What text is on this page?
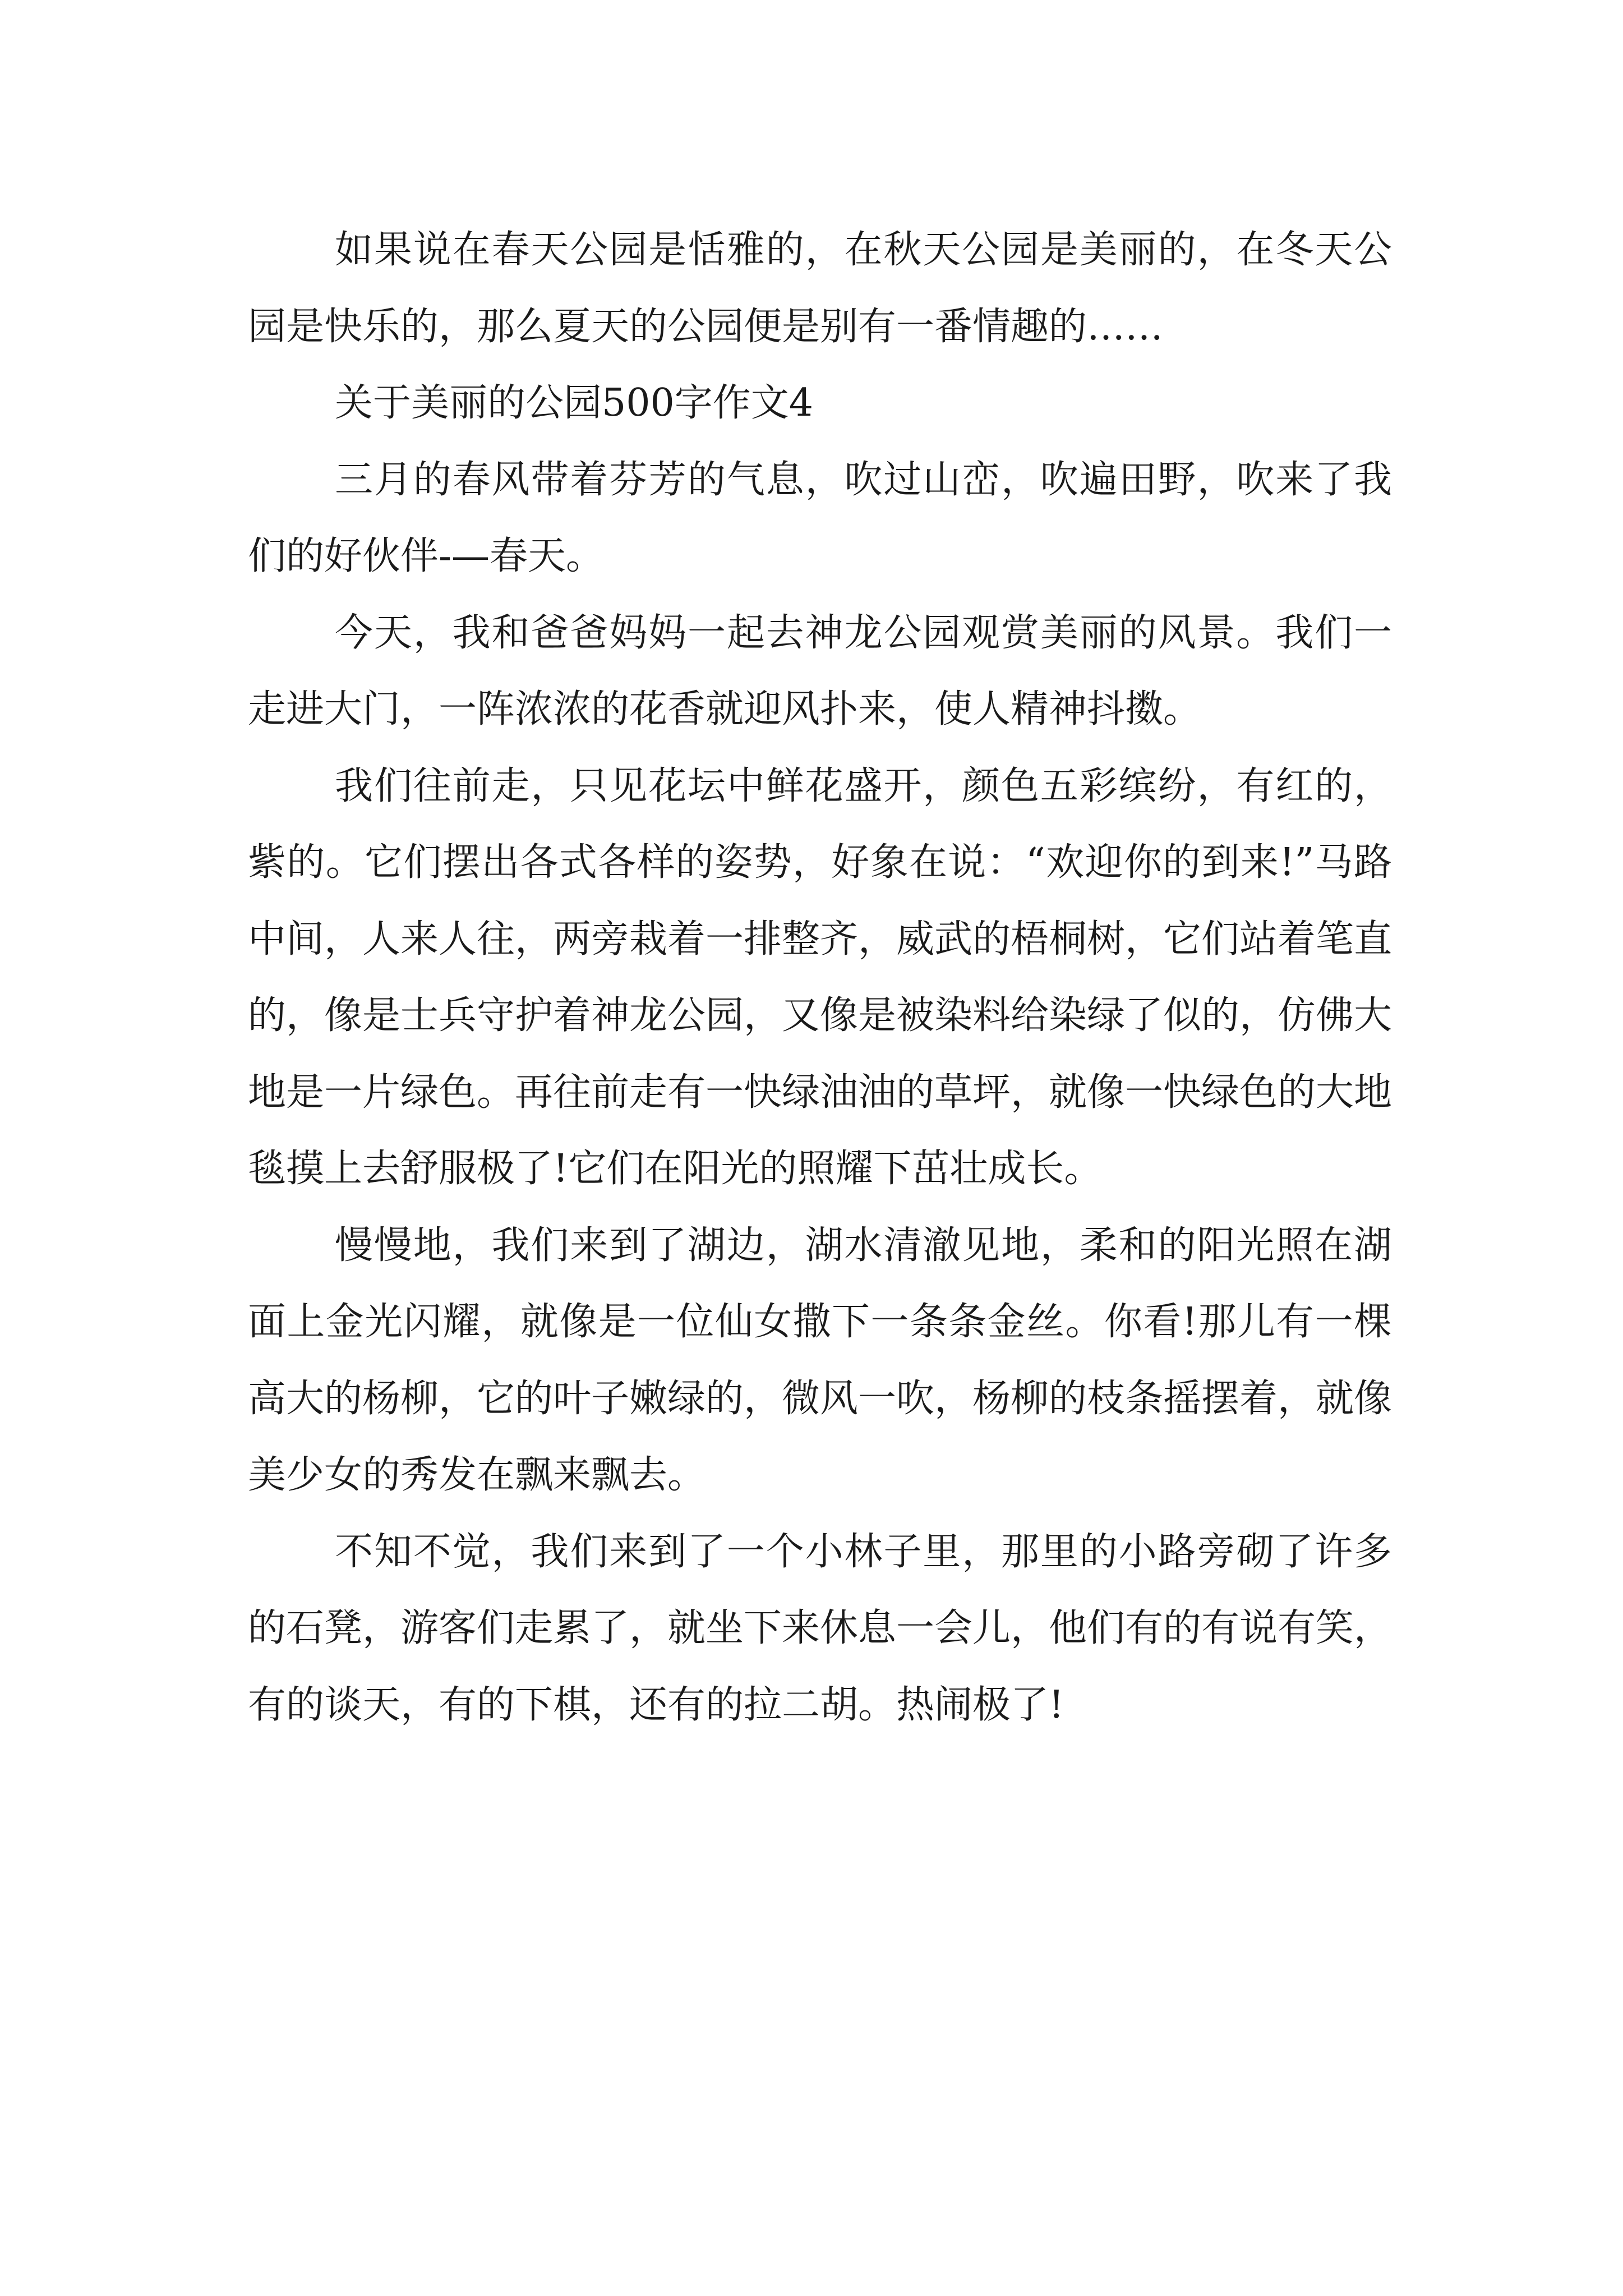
如果说在春天公园是恬雅的，在秋天公园是美丽的，在冬天公园是快乐的，那么夏天的公园便是别有一番情趣的……

关于美丽的公园500字作文4

三月的春风带着芬芳的气息，吹过山峦，吹遍田野，吹来了我们的好伙伴-—春天。

今天，我和爸爸妈妈一起去神龙公园观赏美丽的风景。我们一走进大门，一阵浓浓的花香就迎风扑来，使人精神抖擞。

我们往前走，只见花坛中鲜花盛开，颜色五彩缤纷，有红的，紫的。它们摆出各式各样的姿势，好象在说：“欢迎你的到来!”马路中间，人来人往，两旁栽着一排整齐，威武的梧桐树，它们站着笔直的，像是士兵守护着神龙公园，又像是被染料给染绿了似的，仿佛大地是一片绿色。再往前走有一快绿油油的草坪，就像一快绿色的大地毯摸上去舒服极了!它们在阳光的照耀下茁壮成长。

慢慢地，我们来到了湖边，湖水清澈见地，柔和的阳光照在湖面上金光闪耀，就像是一位仙女撒下一条条金丝。你看!那儿有一棵高大的杨柳，它的叶子嫩绿的，微风一吹，杨柳的枝条摇摆着，就像美少女的秀发在飘来飘去。

不知不觉，我们来到了一个小林子里，那里的小路旁砌了许多的石凳，游客们走累了，就坐下来休息一会儿，他们有的有说有笑，有的谈天，有的下棋，还有的拉二胡。热闹极了!
